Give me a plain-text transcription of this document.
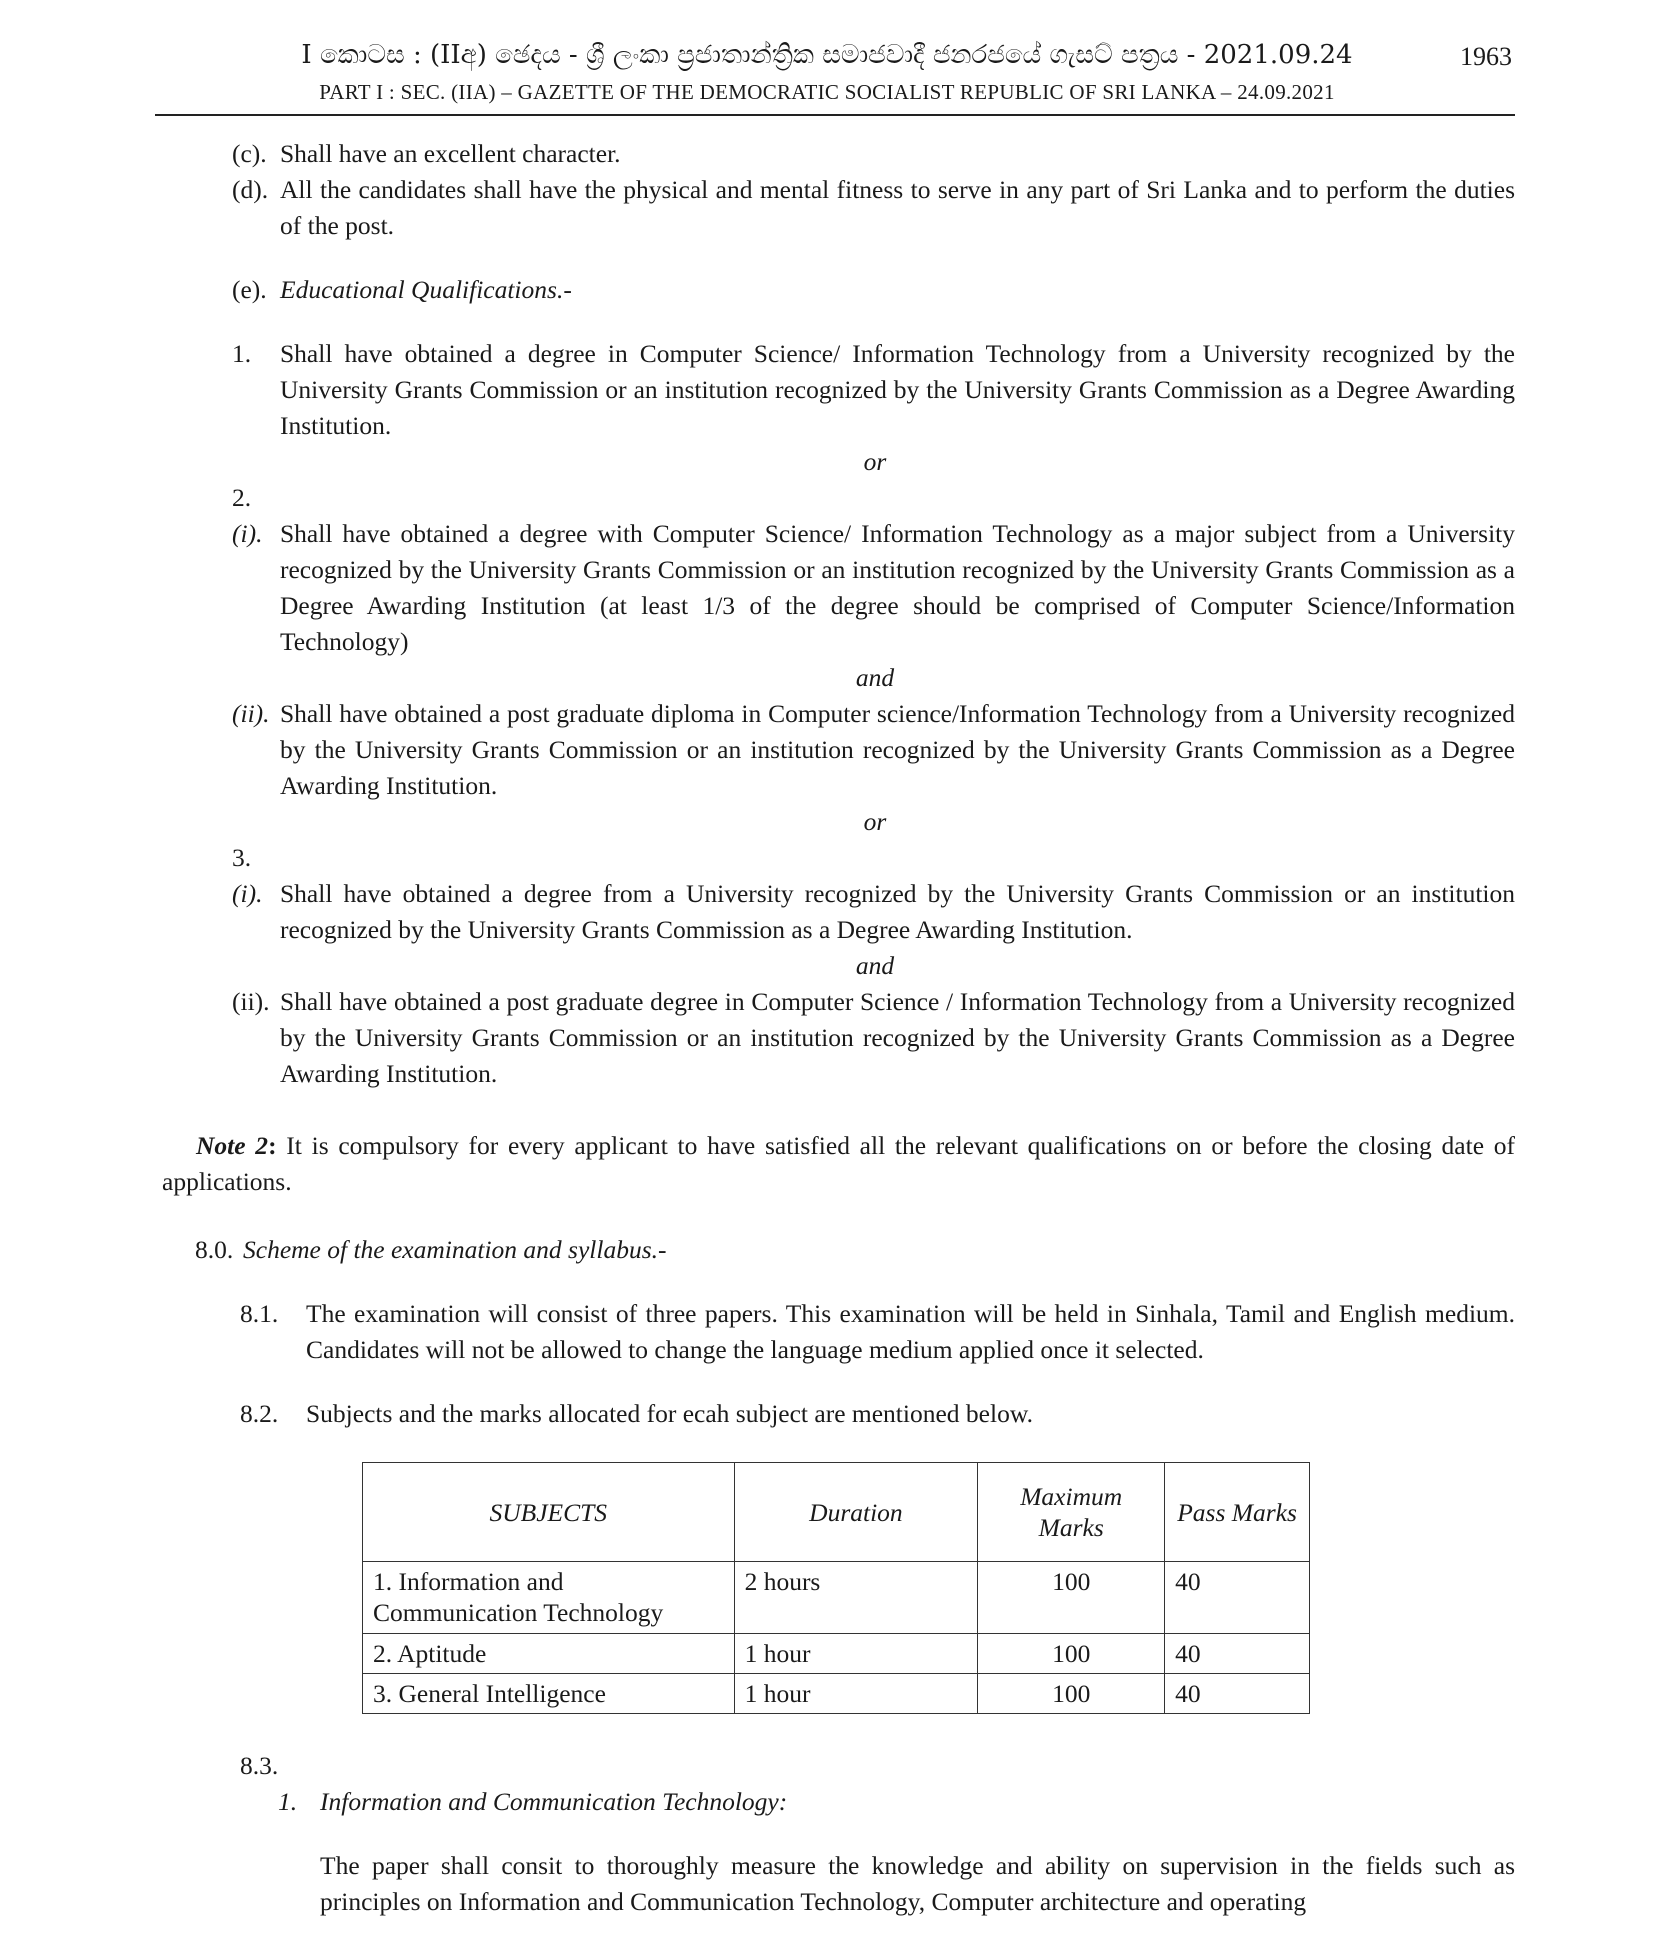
I කොටස : (IIඅ) ඡෙදය - ශ්‍රී ලංකා ප්‍රජාතාන්ත්‍රික සමාජවාදී ජනරජයේ ගැසට් පත්‍රය - 2021.09.24
PART I : SEC. (IIA) – GAZETTE OF THE DEMOCRATIC SOCIALIST REPUBLIC OF SRI LANKA – 24.09.2021
1963
(c). Shall have an excellent character.
(d). All the candidates shall have the physical and mental fitness to serve in any part of Sri Lanka and to perform the duties of the post.
(e). Educational Qualifications.-
1. Shall have obtained a degree in Computer Science/ Information Technology from a University recognized by the University Grants Commission or an institution recognized by the University Grants Commission as a Degree Awarding Institution.
or
2.
(i). Shall have obtained a degree with Computer Science/ Information Technology as a major subject from a University recognized by the University Grants Commission or an institution recognized by the University Grants Commission as a Degree Awarding Institution (at least 1/3 of the degree should be comprised of Computer Science/Information Technology)
and
(ii). Shall have obtained a post graduate diploma in Computer science/Information Technology from a University recognized by the University Grants Commission or an institution recognized by the University Grants Commission as a Degree Awarding Institution.
or
3.
(i). Shall have obtained a degree from a University recognized by the University Grants Commission or an institution recognized by the University Grants Commission as a Degree Awarding Institution.
and
(ii). Shall have obtained a post graduate degree in Computer Science / Information Technology from a University recognized by the University Grants Commission or an institution recognized by the University Grants Commission as a Degree Awarding Institution.
Note 2: It is compulsory for every applicant to have satisfied all the relevant qualifications on or before the closing date of applications.
8.0. Scheme of the examination and syllabus.-
8.1. The examination will consist of three papers. This examination will be held in Sinhala, Tamil and English medium. Candidates will not be allowed to change the language medium applied once it selected.
8.2. Subjects and the marks allocated for ecah subject are mentioned below.
SUBJECTS	Duration	Maximum Marks	Pass Marks
1. Information and Communication Technology	2 hours	100	40
2. Aptitude	1 hour	100	40
3. General Intelligence	1 hour	100	40
8.3.
1. Information and Communication Technology:
The paper shall consit to thoroughly measure the knowledge and ability on supervision in the fields such as principles on Information and Communication Technology, Computer architecture and operating
